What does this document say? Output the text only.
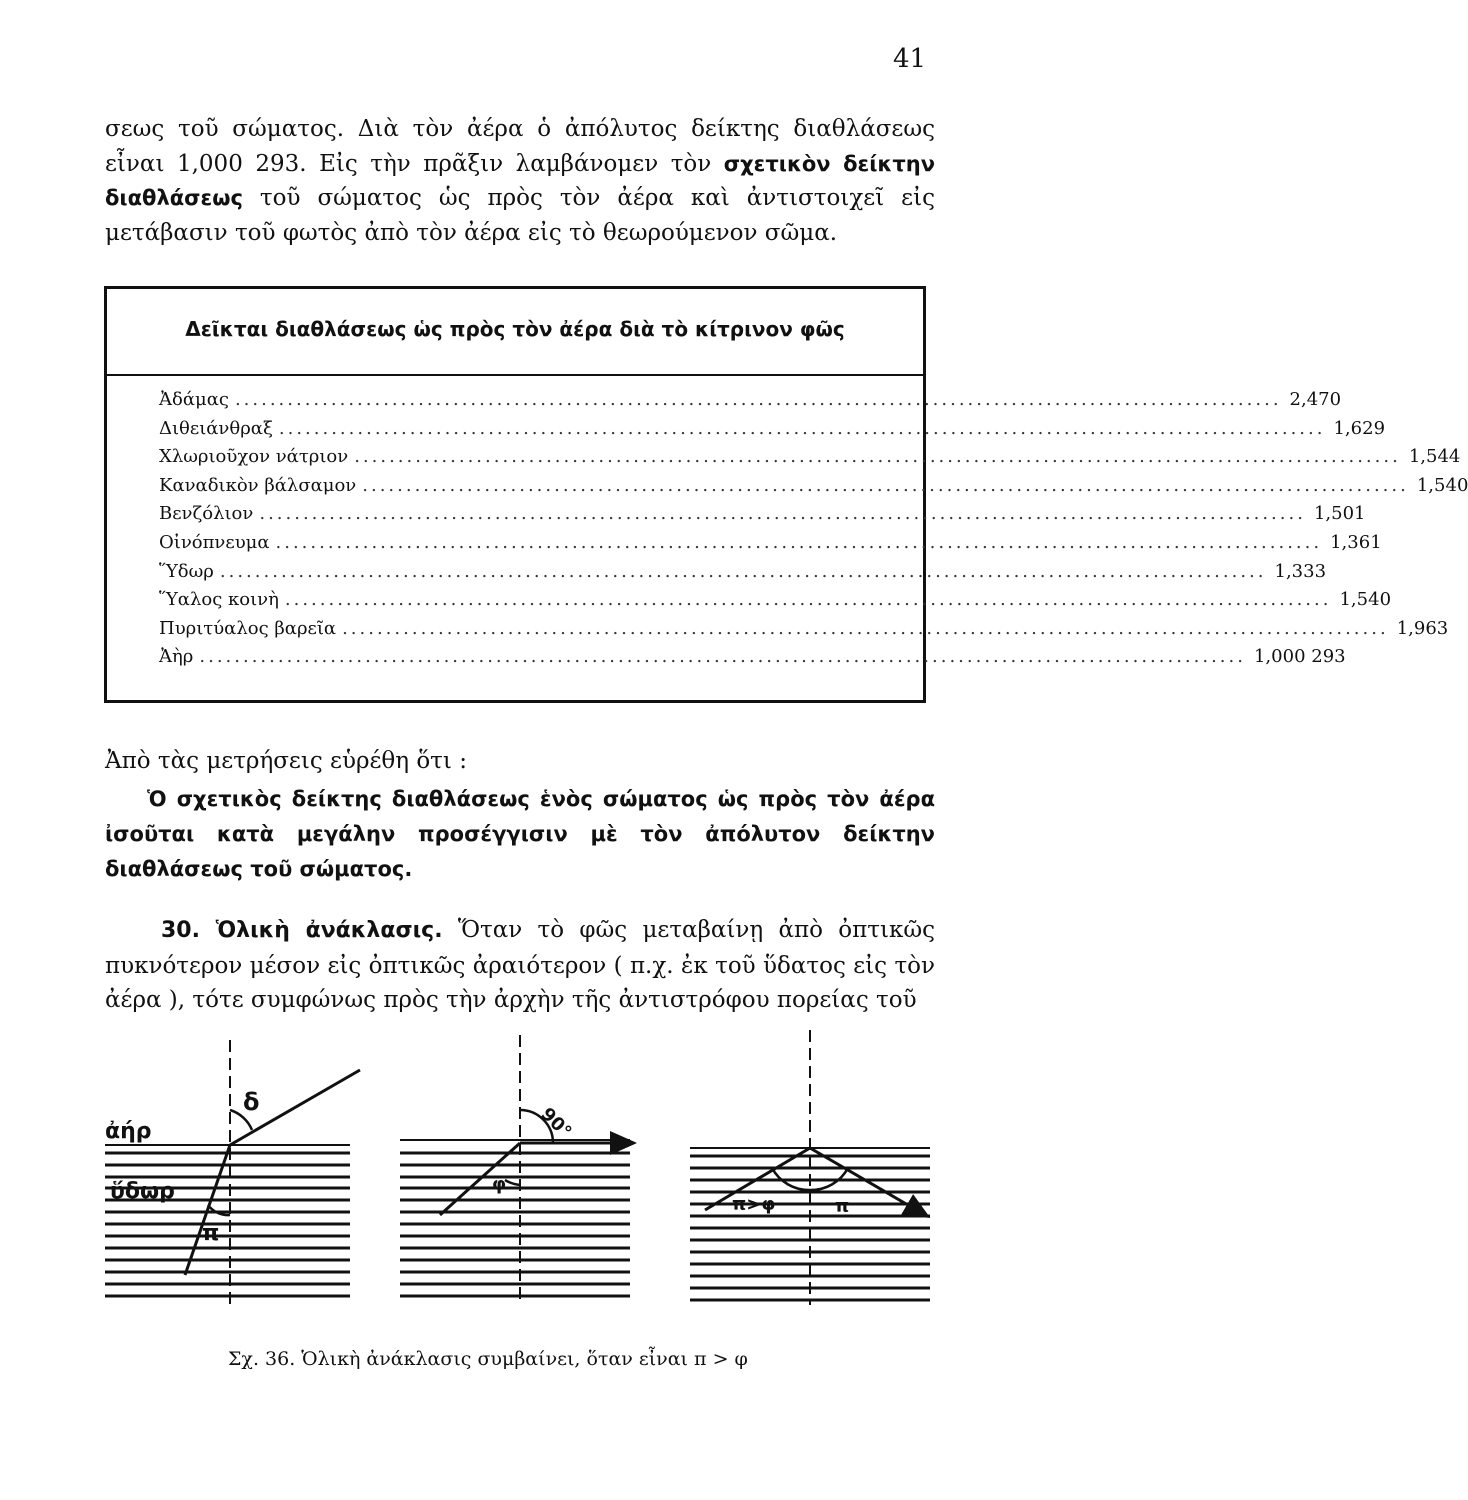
41
σεως τοῦ σώματος. Διὰ τὸν ἀέρα ὁ ἀπόλυτος δείκτης διαθλάσεως εἶναι 1,000 293. Εἰς τὴν πρᾶξιν λαμβάνομεν τὸν σχετικὸν δείκτην διαθλάσεως τοῦ σώματος ὡς πρὸς τὸν ἀέρα καὶ ἀντιστοιχεῖ εἰς μετάβασιν τοῦ φωτὸς ἀπὸ τὸν ἀέρα εἰς τὸ θεωρούμενον σῶμα.
Δεῖκται διαθλάσεως ὡς πρὸς τὸν ἀέρα διὰ τὸ κίτρινον φῶς
Ἀδάμας ........................................................................................................................ 2,470
Διθειάνθραξ ........................................................................................................................ 1,629
Χλωριοῦχον νάτριον ........................................................................................................................ 1,544
Καναδικὸν βάλσαμον ........................................................................................................................ 1,540
Βενζόλιον ........................................................................................................................ 1,501
Οἰνόπνευμα ........................................................................................................................ 1,361
Ὕδωρ ........................................................................................................................ 1,333
Ὕαλος κοινὴ ........................................................................................................................ 1,540
Πυριτύαλος βαρεῖα ........................................................................................................................ 1,963
Ἀὴρ ........................................................................................................................ 1,000 293
Ἀπὸ τὰς μετρήσεις εὑρέθη ὅτι :
Ὁ σχετικὸς δείκτης διαθλάσεως ἑνὸς σώματος ὡς πρὸς τὸν ἀέρα ἰσοῦται κατὰ μεγάλην προσέγγισιν μὲ τὸν ἀπόλυτον δείκτην διαθλάσεως τοῦ σώματος.
30. Ὁλικὴ ἀνάκλασις. Ὅταν τὸ φῶς μεταβαίνῃ ἀπὸ ὀπτικῶς πυκνότερον μέσον εἰς ὀπτικῶς ἀραιότερον ( π.χ. ἐκ τοῦ ὕδατος εἰς τὸν ἀέρα ), τότε συμφώνως πρὸς τὴν ἀρχὴν τῆς ἀντιστρόφου πορείας τοῦ
ἀήρ
ὕδωρ
δ
π
90°
φ
π>φ	π
Σχ. 36. Ὁλικὴ ἀνάκλασις συμβαίνει, ὅταν εἶναι π > φ
